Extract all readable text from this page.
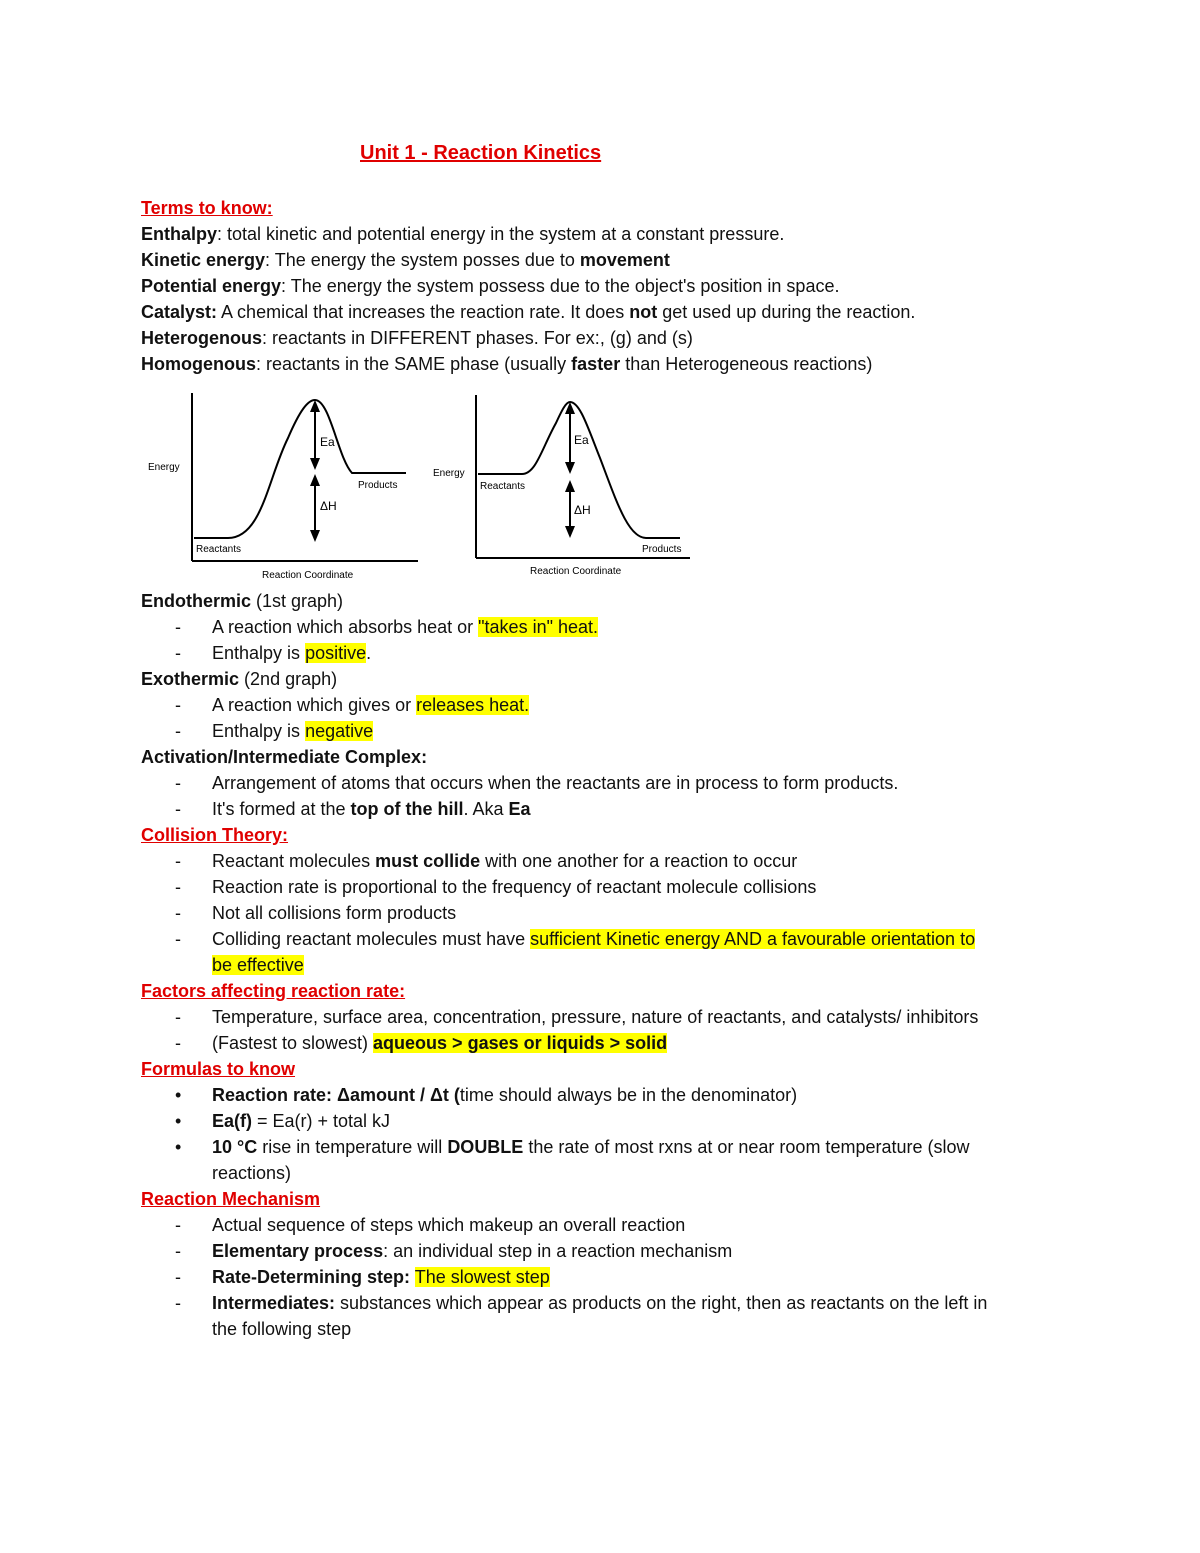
Unit 1 - Reaction Kinetics
Terms to know:
Enthalpy: total kinetic and potential energy in the system at a constant pressure.
Kinetic energy: The energy the system posses due to movement
Potential energy: The energy the system possess due to the object's position in space.
Catalyst: A chemical that increases the reaction rate. It does not get used up during the reaction.
Heterogenous: reactants in DIFFERENT phases. For ex:, (g) and (s)
Homogenous: reactants in the SAME phase (usually faster than Heterogeneous reactions)
Ea
ΔH
Energy
Reactants
Products
Reaction Coordinate
Ea
ΔH
Energy
Reactants
Products
Reaction Coordinate
Endothermic (1st graph)
- A reaction which absorbs heat or "takes in" heat.
- Enthalpy is positive.
Exothermic (2nd graph)
- A reaction which gives or releases heat.
- Enthalpy is negative
Activation/Intermediate Complex:
- Arrangement of atoms that occurs when the reactants are in process to form products.
- It's formed at the top of the hill. Aka Ea
Collision Theory:
- Reactant molecules must collide with one another for a reaction to occur
- Reaction rate is proportional to the frequency of reactant molecule collisions
- Not all collisions form products
- Colliding reactant molecules must have sufficient Kinetic energy AND a favourable orientation to
be effective
Factors affecting reaction rate:
- Temperature, surface area, concentration, pressure, nature of reactants, and catalysts/ inhibitors
- (Fastest to slowest) aqueous > gases or liquids > solid
Formulas to know
• Reaction rate: Δamount / Δt (time should always be in the denominator)
• Ea(f) = Ea(r) + total kJ
• 10 °C rise in temperature will DOUBLE the rate of most rxns at or near room temperature (slow
reactions)
Reaction Mechanism
- Actual sequence of steps which makeup an overall reaction
- Elementary process: an individual step in a reaction mechanism
- Rate-Determining step: The slowest step
- Intermediates: substances which appear as products on the right, then as reactants on the left in
the following step
